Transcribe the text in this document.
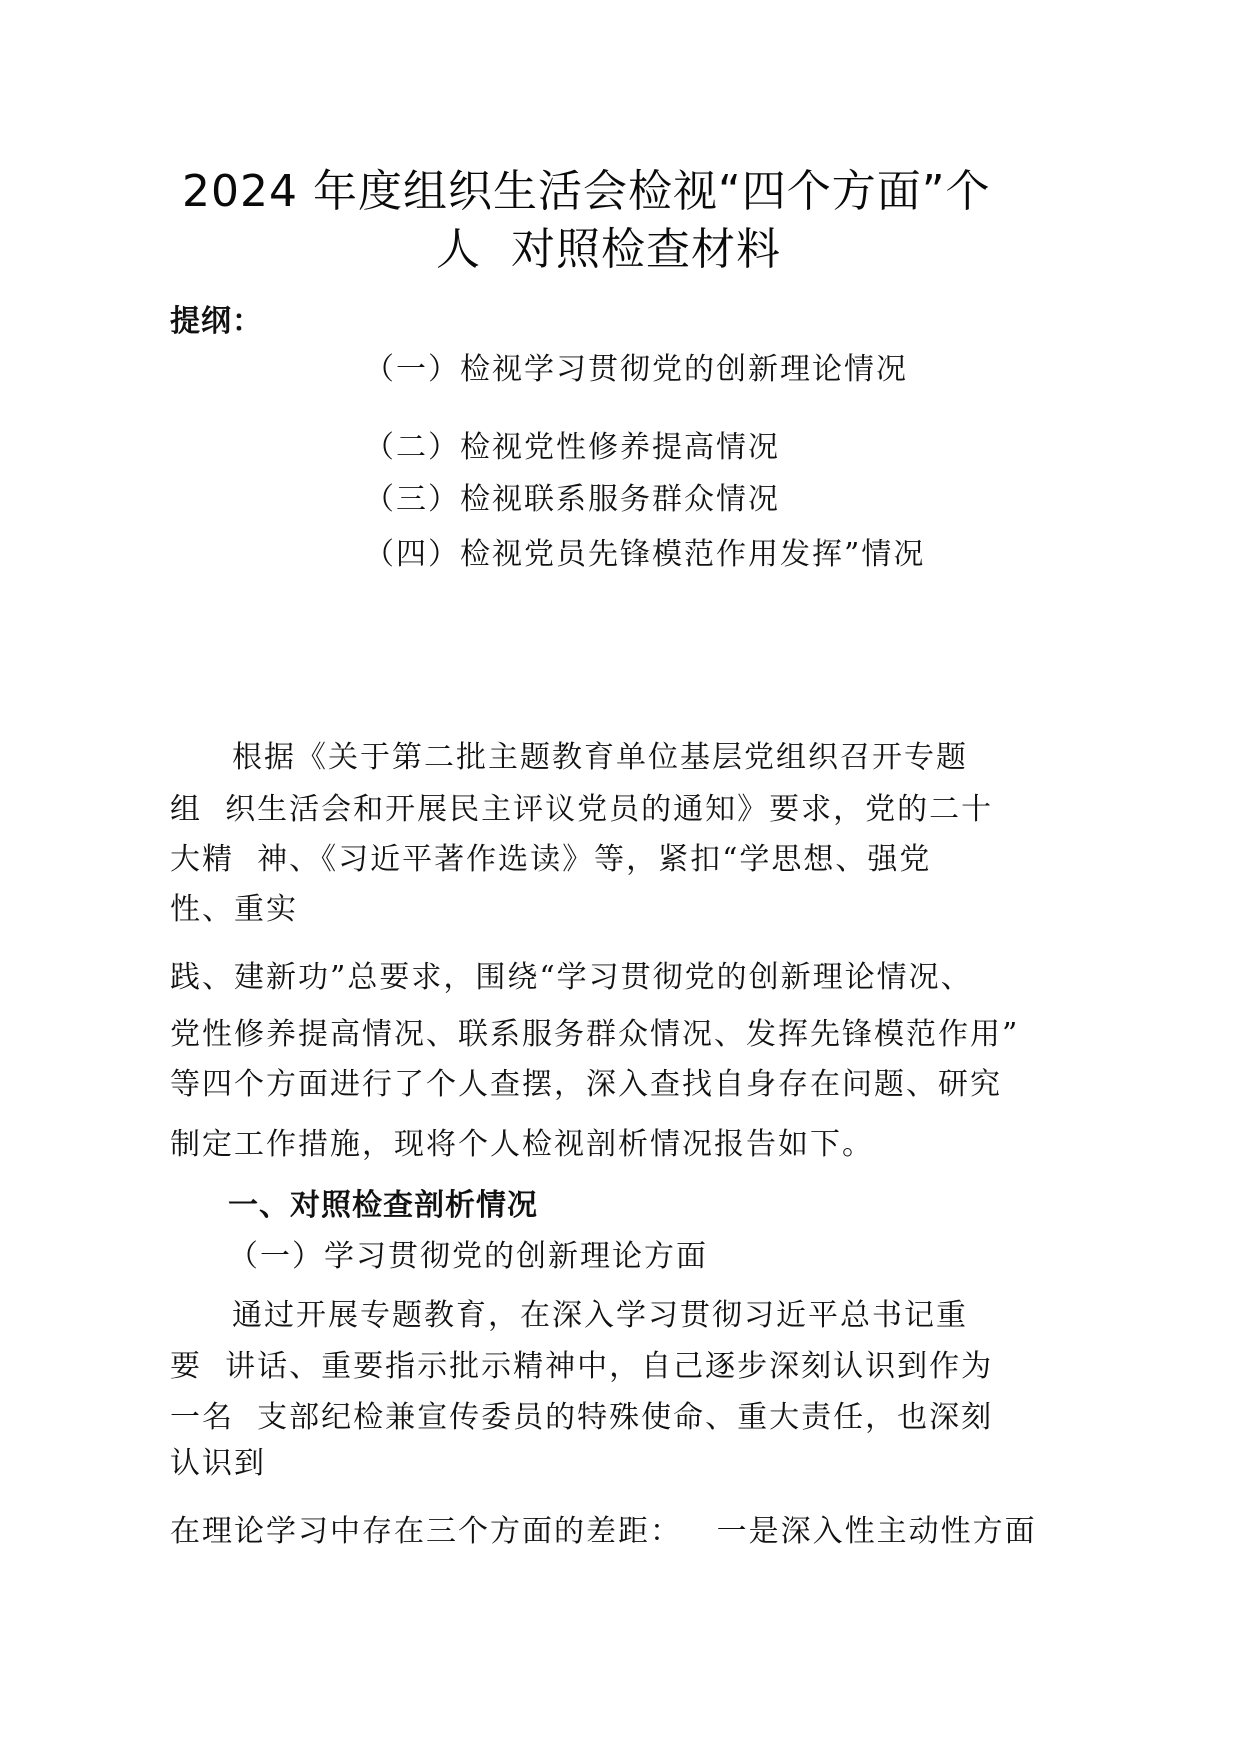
2024 年度组织生活会检视“四个方面”个
人  对照检查材料
提纲：
（一）检视学习贯彻党的创新理论情况
（二）检视党性修养提高情况
（三）检视联系服务群众情况
（四）检视党员先锋模范作用发挥”情况
根据《关于第二批主题教育单位基层党组织召开专题
组  织生活会和开展民主评议党员的通知》要求，党的二十
大精  神、《习近平著作选读》等，紧扣“学思想、强党
性、重实
践、建新功”总要求，围绕“学习贯彻党的创新理论情况、
党性修养提高情况、联系服务群众情况、发挥先锋模范作用”
等四个方面进行了个人查摆，深入查找自身存在问题、研究
制定工作措施，现将个人检视剖析情况报告如下。
一、对照检查剖析情况
（一）学习贯彻党的创新理论方面
通过开展专题教育，在深入学习贯彻习近平总书记重
要  讲话、重要指示批示精神中，自己逐步深刻认识到作为
一名  支部纪检兼宣传委员的特殊使命、重大责任，也深刻
认识到
在理论学习中存在三个方面的差距：   一是深入性主动性方面
